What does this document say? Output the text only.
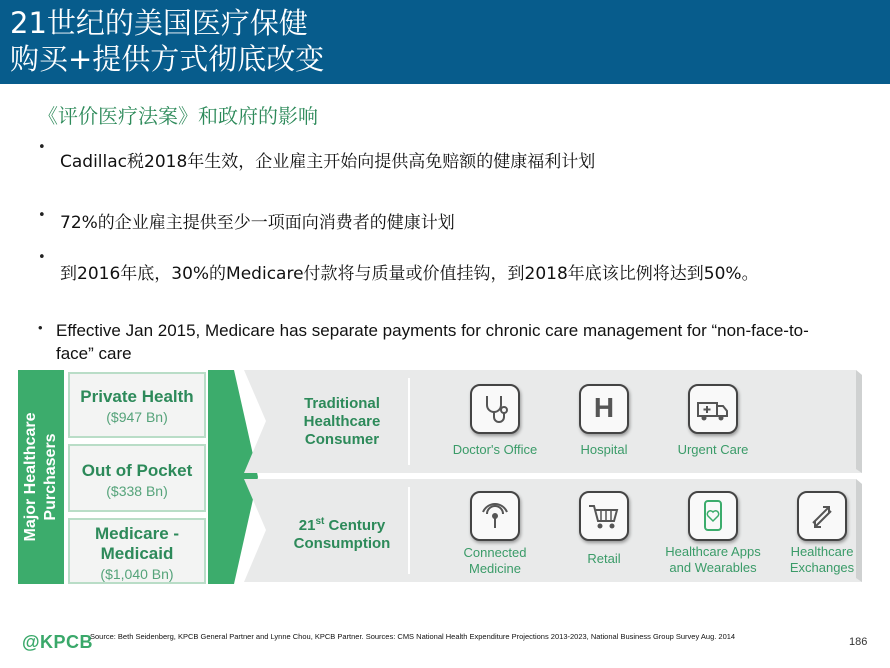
21世纪的美国医疗保健
购买+提供方式彻底改变
《评价医疗法案》和政府的影响
•
Cadillac税2018年生效，企业雇主开始向提供高免赔额的健康福利计划
• 72%的企业雇主提供至少一项面向消费者的健康计划
•
到2016年底，30%的Medicare付款将与质量或价值挂钩，到2018年底该比例将达到50%。
• Effective Jan 2015, Medicare has separate payments for chronic care management for “non-face-to-face” care
Major Healthcare Purchasers
Private Health
($947 Bn)
Out of Pocket
($338 Bn)
Medicare -
Medicaid
($1,040 Bn)
Traditional
Healthcare
Consumer
Doctor's Office
H
Hospital	Urgent Care
21st Century
Consumption
Connected
Medicine
Retail	Healthcare Apps
and Wearables
Healthcare
Exchanges
@KPCB
Source: Beth Seidenberg, KPCB General Partner and Lynne Chou, KPCB Partner. Sources: CMS National Health Expenditure Projections 2013-2023, National Business Group Survey Aug. 2014	186
